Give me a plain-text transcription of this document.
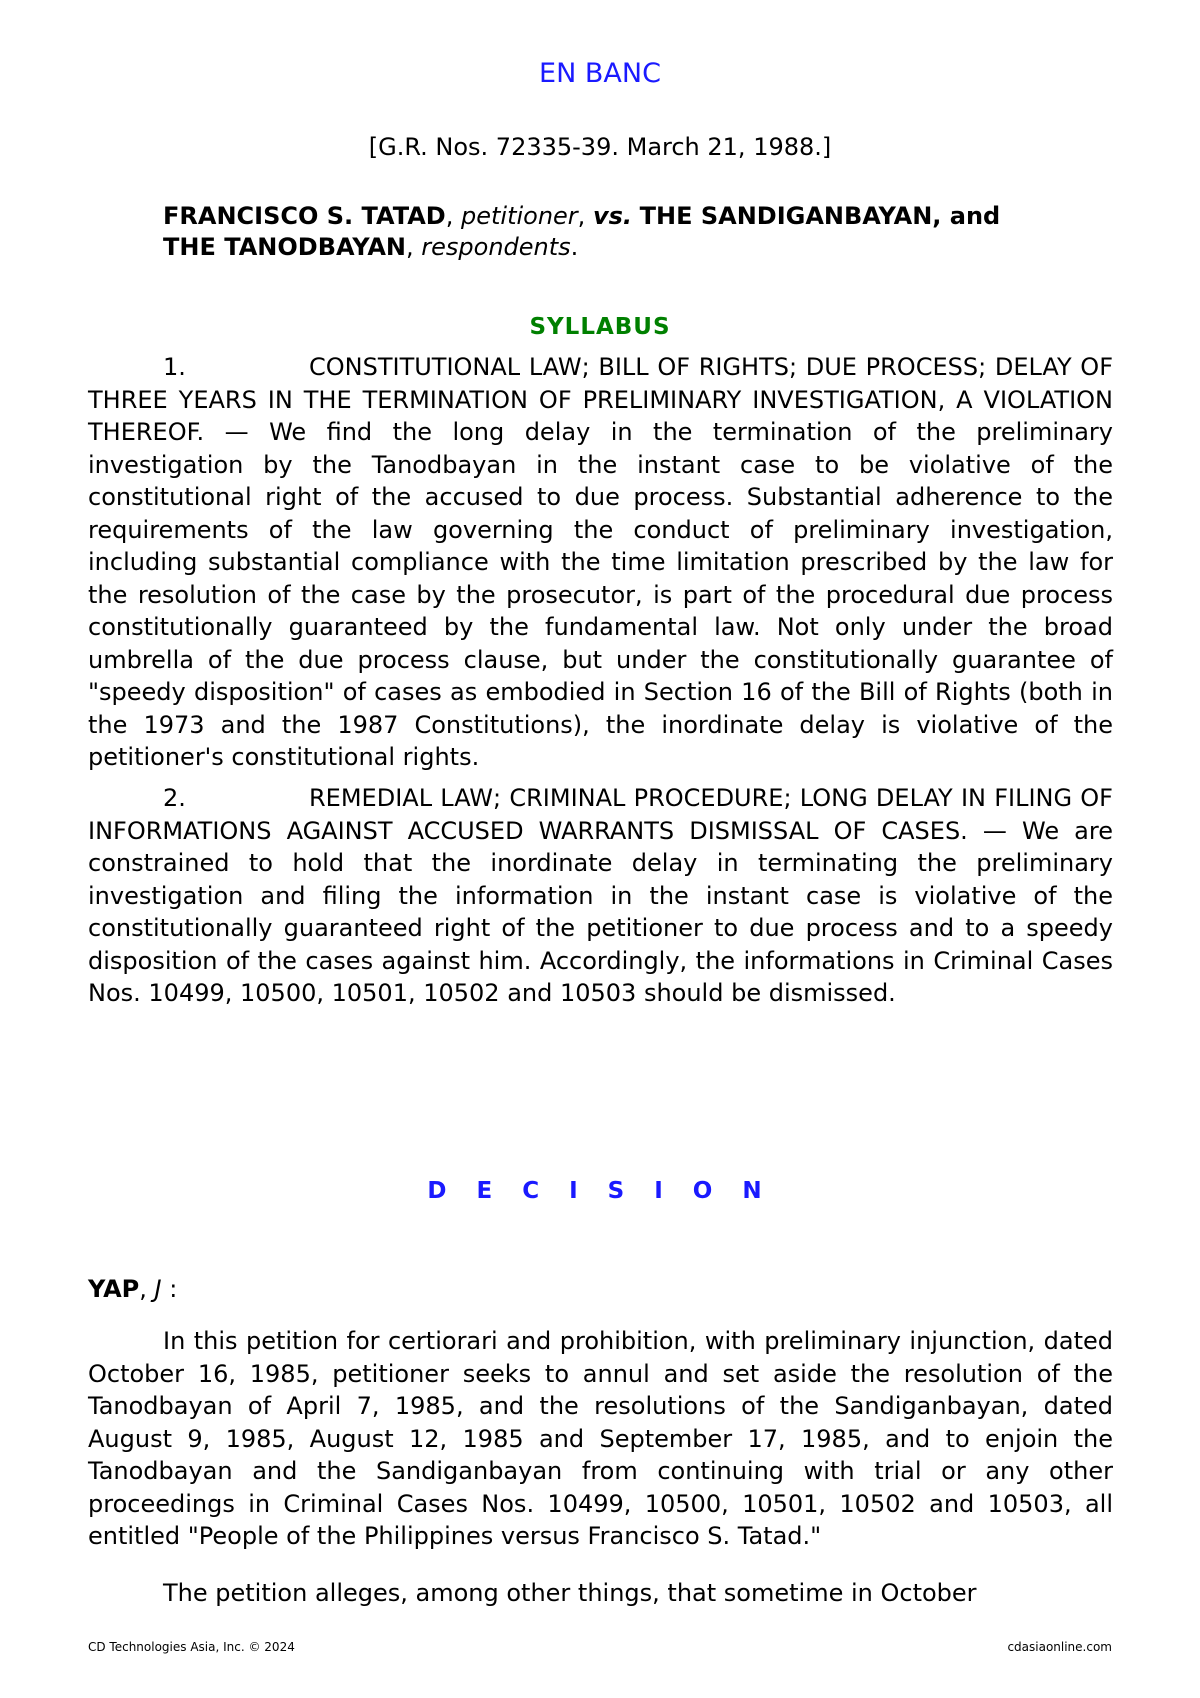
EN BANC
[G.R. Nos. 72335-39. March 21, 1988.]
FRANCISCO S. TATAD, petitioner, vs. THE SANDIGANBAYAN, and
THE TANODBAYAN, respondents.
SYLLABUS
1.	CONSTITUTIONAL LAW; BILL OF RIGHTS; DUE PROCESS; DELAY OF THREE YEARS IN THE TERMINATION OF PRELIMINARY INVESTIGATION, A VIOLATION THEREOF. — We find the long delay in the termination of the preliminary investigation by the Tanodbayan in the instant case to be violative of the constitutional right of the accused to due process. Substantial adherence to the requirements of the law governing the conduct of preliminary investigation, including substantial compliance with the time limitation prescribed by the law for the resolution of the case by the prosecutor, is part of the procedural due process constitutionally guaranteed by the fundamental law. Not only under the broad umbrella of the due process clause, but under the constitutionally guarantee of "speedy disposition" of cases as embodied in Section 16 of the Bill of Rights (both in the 1973 and the 1987 Constitutions), the inordinate delay is violative of the petitioner's constitutional rights.
2.	REMEDIAL LAW; CRIMINAL PROCEDURE; LONG DELAY IN FILING OF INFORMATIONS AGAINST ACCUSED WARRANTS DISMISSAL OF CASES. — We are constrained to hold that the inordinate delay in terminating the preliminary investigation and filing the information in the instant case is violative of the constitutionally guaranteed right of the petitioner to due process and to a speedy disposition of the cases against him. Accordingly, the informations in Criminal Cases Nos. 10499, 10500, 10501, 10502 and 10503 should be dismissed.
D E C I S I O N
YAP, J :
In this petition for certiorari and prohibition, with preliminary injunction, dated October 16, 1985, petitioner seeks to annul and set aside the resolution of the Tanodbayan of April 7, 1985, and the resolutions of the Sandiganbayan, dated August 9, 1985, August 12, 1985 and September 17, 1985, and to enjoin the Tanodbayan and the Sandiganbayan from continuing with trial or any other proceedings in Criminal Cases Nos. 10499, 10500, 10501, 10502 and 10503, all entitled "People of the Philippines versus Francisco S. Tatad."
The petition alleges, among other things, that sometime in October
CD Technologies Asia, Inc. © 2024	cdasiaonline.com
